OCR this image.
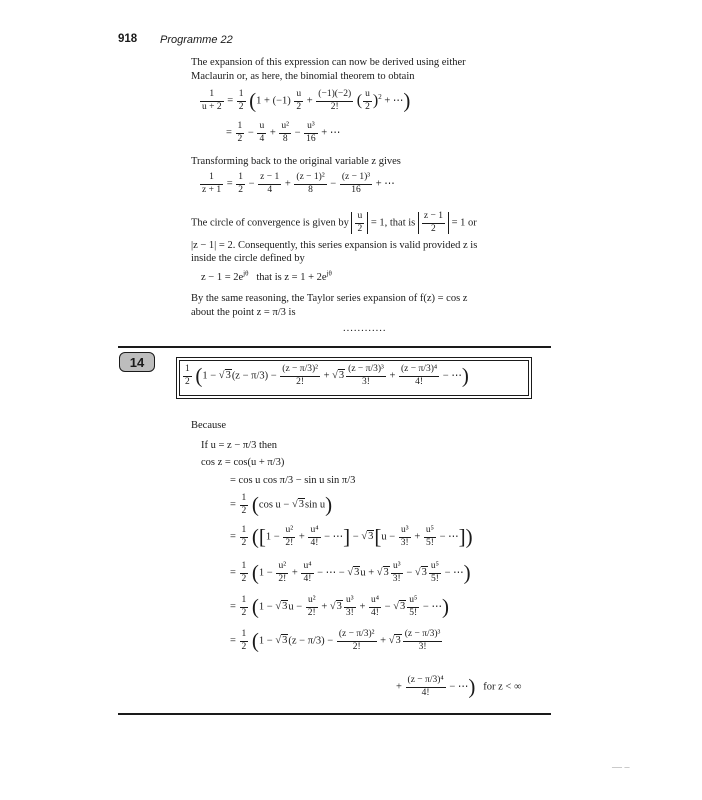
918 Programme 22
The expansion of this expression can now be derived using either
Maclaurin or, as here, the binomial theorem to obtain
$\frac{1}{u + 2} = \frac{1}{2} (1 + (-1) \frac{u}{2} + \frac{(-1)(-2)}{2!}$ ( $\frac{u}{2} )^2$ + ⋯)
= $\frac{1}{2} - \frac{u}{4} + \frac{\text{u²}}{8} - \frac{\text{u³}}{16}$ + ⋯
Transforming back to the original variable z gives
$\frac{1}{z + 1} = \frac{1}{2} - \frac{z - 1}{4} + \frac{\text{(z − 1)²}}{8} - \frac{\text{(z − 1)³}}{16}$ + ⋯
The circle of convergence is given by $\frac{u}{2} = 1$, that is $\frac{z - 1}{2} = 1$ or
|z − 1| = 2. Consequently, this series expansion is valid provided z is
inside the circle defined by
$z - 1 = 2e^{j\theta}$ that is $z = 1 + 2e^{j\theta}$
By the same reasoning, the Taylor series expansion of f(z) = cos z
about the point z = π/3 is
............
14
$\frac{1}{2} (1 - √3(z - \pi/3) - \frac{\text{(z − π/3)²}}{2!} + √3 \frac{\text{(z − π/3)³}}{3!} + \frac{\text{(z − π/3)⁴}}{4!}$ − ⋯)
Because
If u = z − π/3 then
cos z = cos(u + π/3)
= cos u cos π/3 − sin u sin π/3
= $\frac{1}{2} (\cos$ u − √3sin u)
= $\frac{1}{2} ([1 - \frac{\text{u²}}{2!} + \frac{\text{u⁴}}{4!}$ − ⋯] − $√3[u - \frac{\text{u³}}{3!} + \frac{\text{u⁵}}{5!}$ − ⋯])
= $\frac{1}{2} (1 - \frac{\text{u²}}{2!} + \frac{\text{u⁴}}{4!}$ − ⋯ − $√3u + √3 \frac{\text{u³}}{3!} - √3 \frac{\text{u⁵}}{5!}$ − ⋯)
= $\frac{1}{2} (1 - √3u - \frac{\text{u²}}{2!} + √3 \frac{\text{u³}}{3!} + \frac{\text{u⁴}}{4!} - √3 \frac{\text{u⁵}}{5!}$ − ⋯)
= $\frac{1}{2} (1 - √3(z - \pi/3) - \frac{\text{(z − π/3)²}}{2!} + √3 \frac{\text{(z − π/3)³}}{3!}$
+ $\frac{\text{(z − π/3)⁴}}{4!}$ − ⋯) for z < ∞
— –
